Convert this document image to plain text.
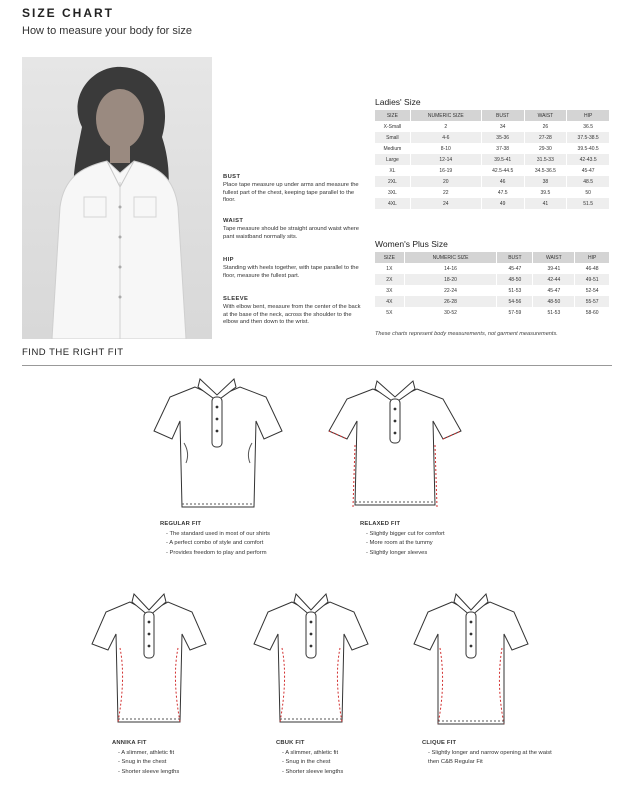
SIZE CHART
How to measure your body for size
BUST
Place tape measure up under arms and measure the fullest part of the chest, keeping tape parallel to the floor.
WAIST
Tape measure should be straight around waist where pant waistband normally sits.
HIP
Standing with heels together, with tape parallel to the floor, measure the fullest part.
SLEEVE
With elbow bent, measure from the center of the back at the base of the neck, across the shoulder to the elbow and then down to the wrist.
Ladies' Size
SIZE	NUMERIC SIZE	BUST	WAIST	HIP
X-Small	2	34	26	36.5
Small	4-6	35-36	27-28	37.5-38.5
Medium	8-10	37-38	29-30	39.5-40.5
Large	12-14	39.5-41	31.5-33	42-43.5
XL	16-19	42.5-44.5	34.5-36.5	45-47
2XL	20	46	38	48.5
3XL	22	47.5	39.5	50
4XL	24	49	41	51.5
Women's Plus Size
SIZE	NUMERIC SIZE	BUST	WAIST	HIP
1X	14-16	45-47	39-41	46-48
2X	18-20	48-50	42-44	49-51
3X	22-24	51-53	45-47	52-54
4X	26-28	54-56	48-50	55-57
5X	30-52	57-59	51-53	58-60
These charts represent body measurements, not garment measurements.
FIND THE RIGHT FIT
REGULAR FIT
- The standard used in most of our shirts
- A perfect combo of style and comfort
- Provides freedom to play and perform
RELAXED FIT
- Slightly bigger cut for comfort
- More room at the tummy
- Slightly longer sleeves
ANNIKA FIT
- A slimmer, athletic fit
- Snug in the chest
- Shorter sleeve lengths
CBUK FIT
- A slimmer, athletic fit
- Snug in the chest
- Shorter sleeve lengths
CLIQUE FIT
- Slightly longer and narrow opening at the waist then C&B Regular Fit
